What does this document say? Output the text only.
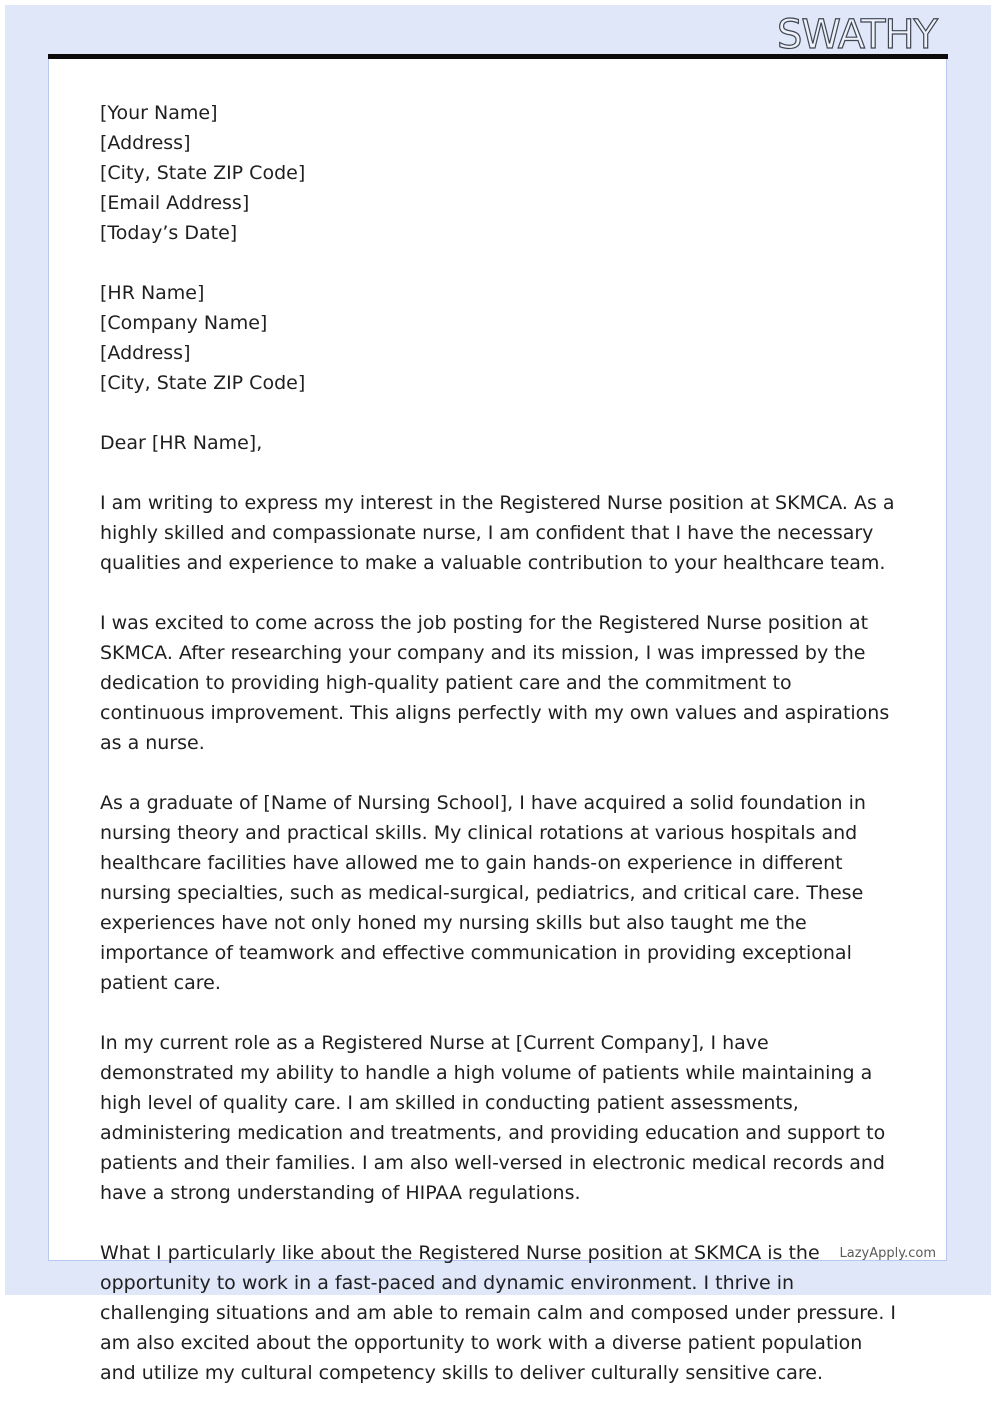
SWATHY
[Your Name]
[Address]
[City, State ZIP Code]
[Email Address]
[Today’s Date]
[HR Name]
[Company Name]
[Address]
[City, State ZIP Code]

Dear [HR Name],

I am writing to express my interest in the Registered Nurse position at SKMCA. As a highly skilled and compassionate nurse, I am confident that I have the necessary qualities and experience to make a valuable contribution to your healthcare team.

I was excited to come across the job posting for the Registered Nurse position at SKMCA. After researching your company and its mission, I was impressed by the dedication to providing high-quality patient care and the commitment to continuous improvement. This aligns perfectly with my own values and aspirations as a nurse.

As a graduate of [Name of Nursing School], I have acquired a solid foundation in nursing theory and practical skills. My clinical rotations at various hospitals and healthcare facilities have allowed me to gain hands-on experience in different nursing specialties, such as medical-surgical, pediatrics, and critical care. These experiences have not only honed my nursing skills but also taught me the importance of teamwork and effective communication in providing exceptional patient care.

In my current role as a Registered Nurse at [Current Company], I have demonstrated my ability to handle a high volume of patients while maintaining a high level of quality care. I am skilled in conducting patient assessments, administering medication and treatments, and providing education and support to patients and their families. I am also well-versed in electronic medical records and have a strong understanding of HIPAA regulations.

What I particularly like about the Registered Nurse position at SKMCA is the opportunity to work in a fast-paced and dynamic environment. I thrive in challenging situations and am able to remain calm and composed under pressure. I am also excited about the opportunity to work with a diverse patient population and utilize my cultural competency skills to deliver culturally sensitive care.

LazyApply.com
